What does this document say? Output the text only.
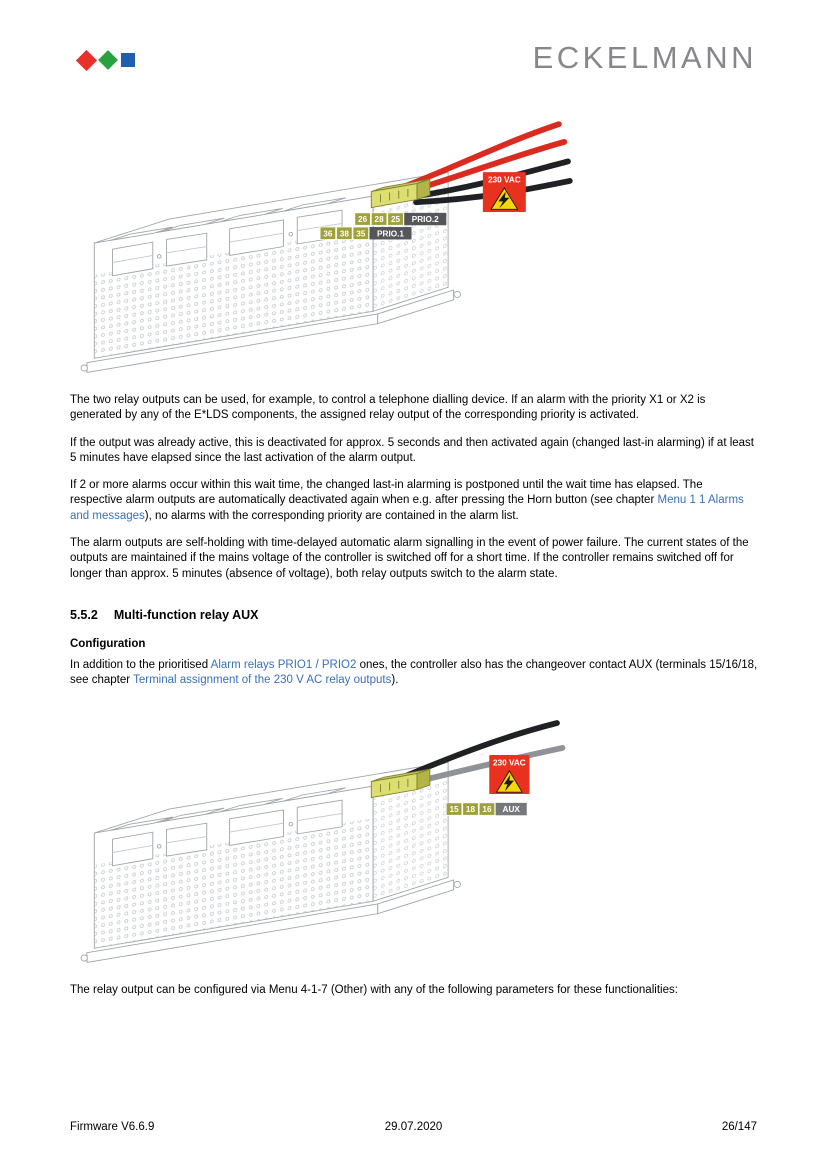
ECKELMANN
230 VAC
26 28 25 PRIO.2
36 38 35 PRIO.1

The two relay outputs can be used, for example, to control a telephone dialling device. If an alarm with the priority X1 or X2 is generated by any of the E*LDS components, the assigned relay output of the corresponding priority is activated.

If the output was already active, this is deactivated for approx. 5 seconds and then activated again (changed last-in alarming) if at least 5 minutes have elapsed since the last activation of the alarm output.

If 2 or more alarms occur within this wait time, the changed last-in alarming is postponed until the wait time has elapsed. The respective alarm outputs are automatically deactivated again when e.g. after pressing the Horn button (see chapter Menu 1 1 Alarms and messages), no alarms with the corresponding priority are contained in the alarm list.

The alarm outputs are self-holding with time-delayed automatic alarm signalling in the event of power failure. The current states of the outputs are maintained if the mains voltage of the controller is switched off for a short time. If the controller remains switched off for longer than approx. 5 minutes (absence of voltage), both relay outputs switch to the alarm state.

5.5.2 Multi-function relay AUX
Configuration

In addition to the prioritised Alarm relays PRIO1 / PRIO2 ones, the controller also has the changeover contact AUX (terminals 15/16/18, see chapter Terminal assignment of the 230 V AC relay outputs).

230 VAC
15 18 16 AUX

The relay output can be configured via Menu 4-1-7 (Other) with any of the following parameters for these functionalities:

Firmware V6.6.9	29.07.2020	26/147
